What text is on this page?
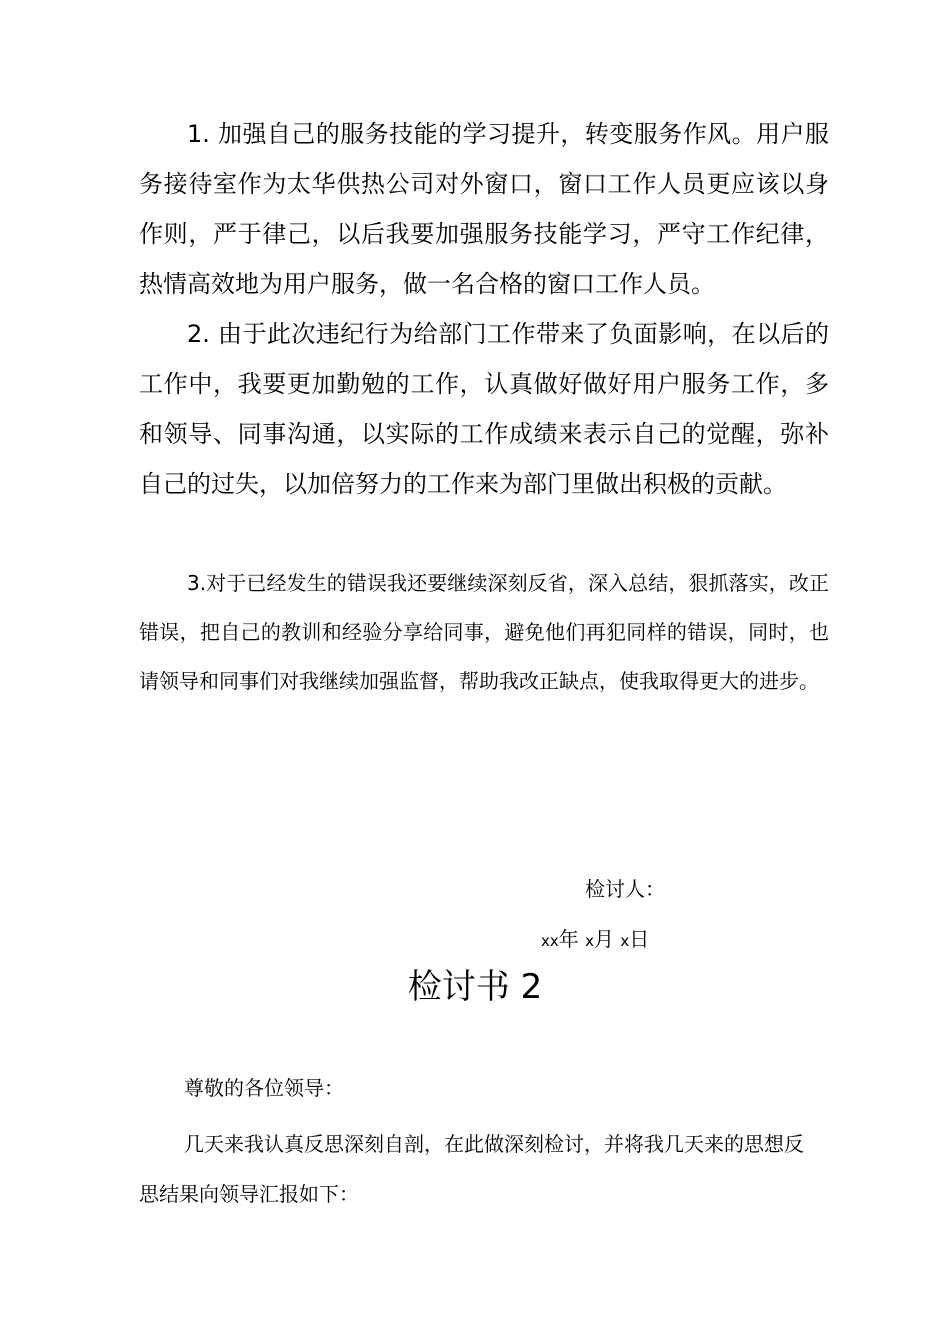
1. 加强自己的服务技能的学习提升，转变服务作风。用户服务接待室作为太华供热公司对外窗口，窗口工作人员更应该以身作则，严于律己，以后我要加强服务技能学习，严守工作纪律，热情高效地为用户服务，做一名合格的窗口工作人员。

2. 由于此次违纪行为给部门工作带来了负面影响，在以后的工作中，我要更加勤勉的工作，认真做好做好用户服务工作，多和领导、同事沟通，以实际的工作成绩来表示自己的觉醒，弥补自己的过失，以加倍努力的工作来为部门里做出积极的贡献。

3.对于已经发生的错误我还要继续深刻反省，深入总结，狠抓落实，改正错误，把自己的教训和经验分享给同事，避免他们再犯同样的错误，同时，也请领导和同事们对我继续加强监督，帮助我改正缺点，使我取得更大的进步。

检讨人：
xx年 x月 x日
检讨书 2
尊敬的各位领导：

几天来我认真反思深刻自剖，在此做深刻检讨，并将我几天来的思想反思结果向领导汇报如下：
